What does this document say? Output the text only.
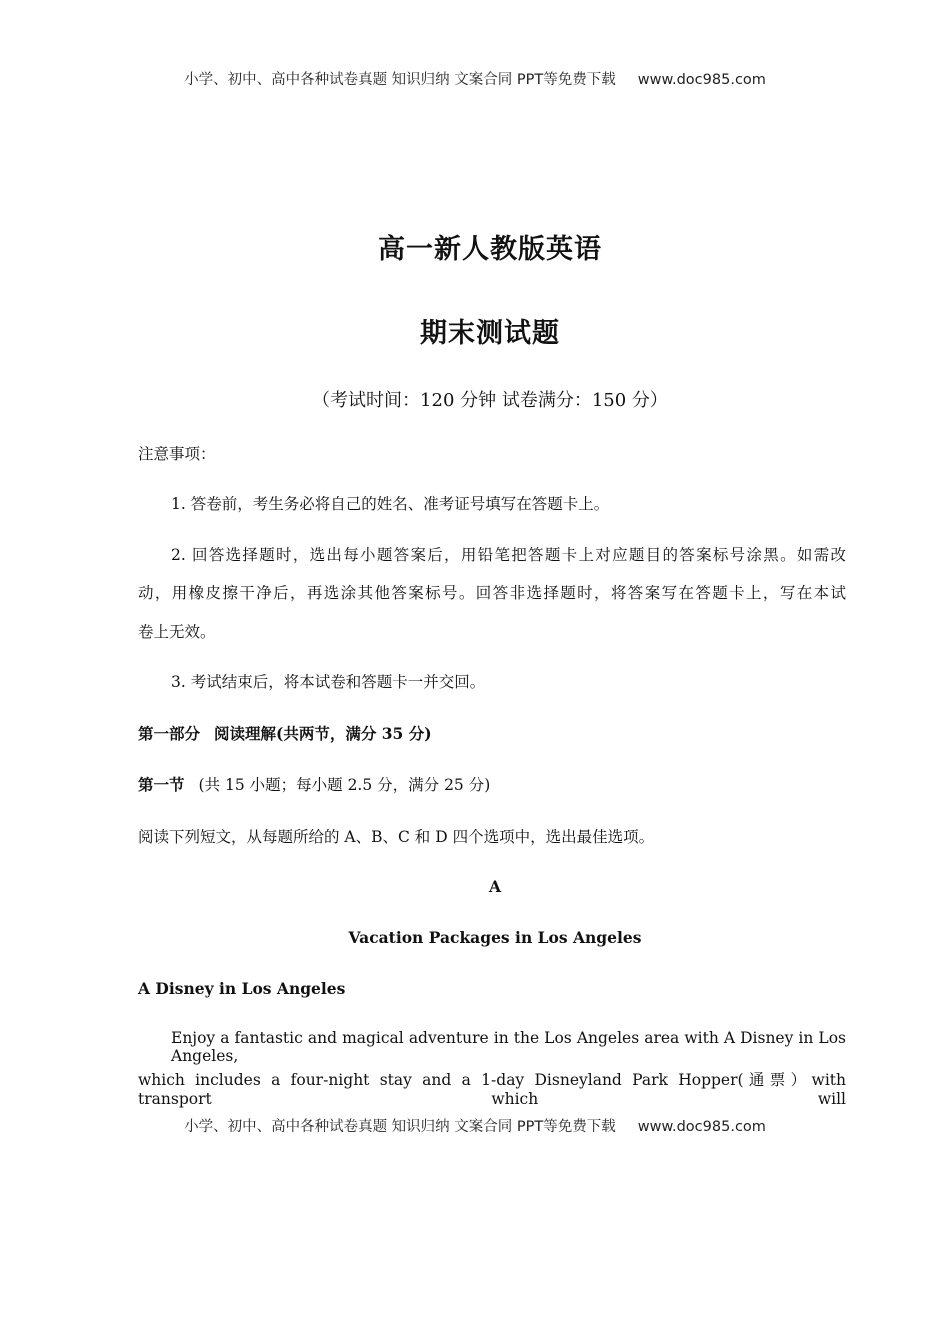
小学、初中、高中各种试卷真题 知识归纳 文案合同 PPT等免费下载 www.doc985.com
高一新人教版英语
期末测试题
（考试时间：120 分钟 试卷满分：150 分）
注意事项：
1. 答卷前，考生务必将自己的姓名、准考证号填写在答题卡上。
2. 回答选择题时，选出每小题答案后，用铅笔把答题卡上对应题目的答案标号涂黑。如需改
动，用橡皮擦干净后，再选涂其他答案标号。回答非选择题时，将答案写在答题卡上，写在本试
卷上无效。
3. 考试结束后，将本试卷和答题卡一并交回。
第一部分 阅读理解(共两节，满分 35 分)
第一节 (共 15 小题；每小题 2.5 分，满分 25 分)
阅读下列短文，从每题所给的 A、B、C 和 D 四个选项中，选出最佳选项。
A
Vacation Packages in Los Angeles
A Disney in Los Angeles
Enjoy a fantastic and magical adventure in the Los Angeles area with A Disney in Los Angeles,
which includes a four-night stay and a 1-day Disneyland Park Hopper(通票）with transport which will
小学、初中、高中各种试卷真题 知识归纳 文案合同 PPT等免费下载 www.doc985.com
